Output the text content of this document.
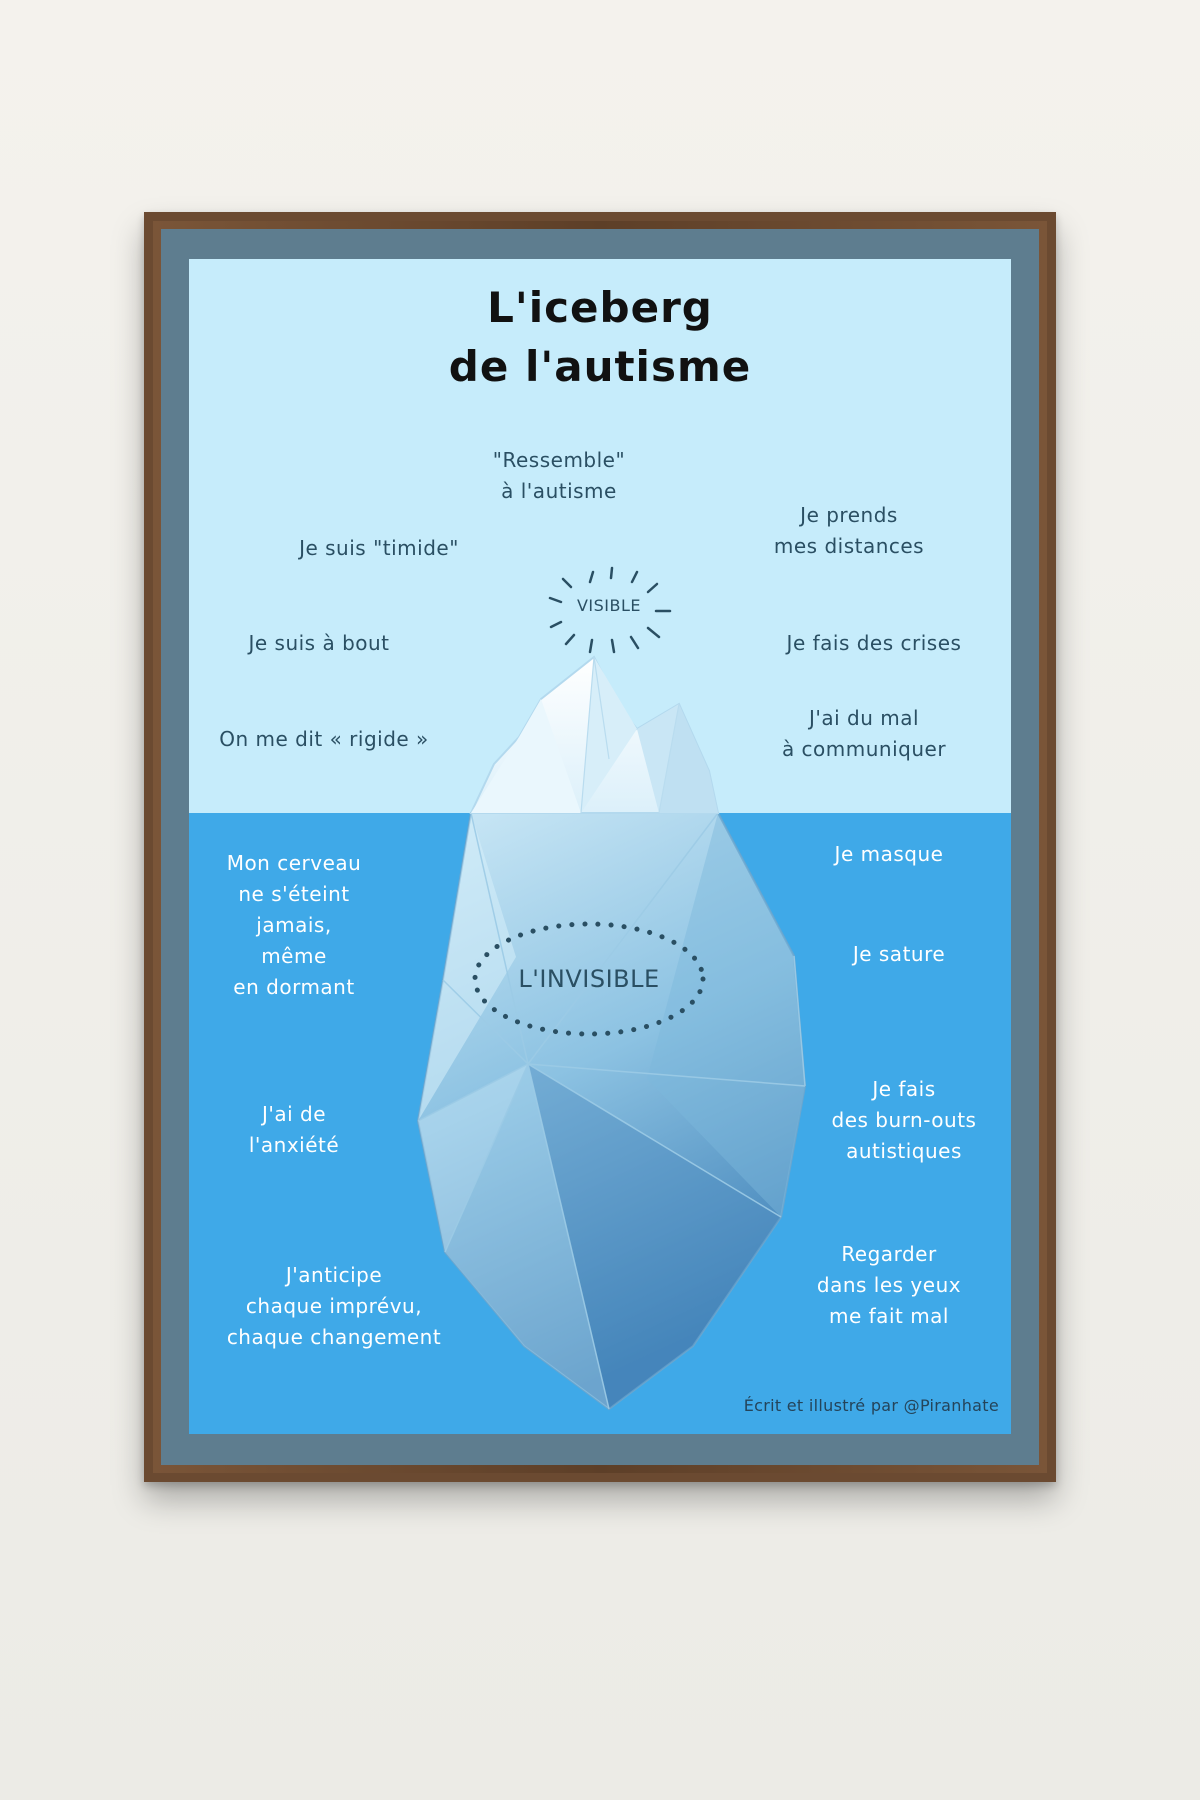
L'iceberg
de l'autisme
VISIBLE
L'INVISIBLE
"Ressemble"
à l'autisme
Je suis "timide"
Je prends
mes distances
Je suis à bout	Je fais des crises
On me dit « rigide »
J'ai du mal
à communiquer
Mon cerveau
ne s'éteint
jamais,
même
en dormant
Je masque
Je sature
J'ai de
l'anxiété
Je fais
des burn-outs
autistiques
J'anticipe
chaque imprévu,
chaque changement
Regarder
dans les yeux
me fait mal
Écrit et illustré par @Piranhate
